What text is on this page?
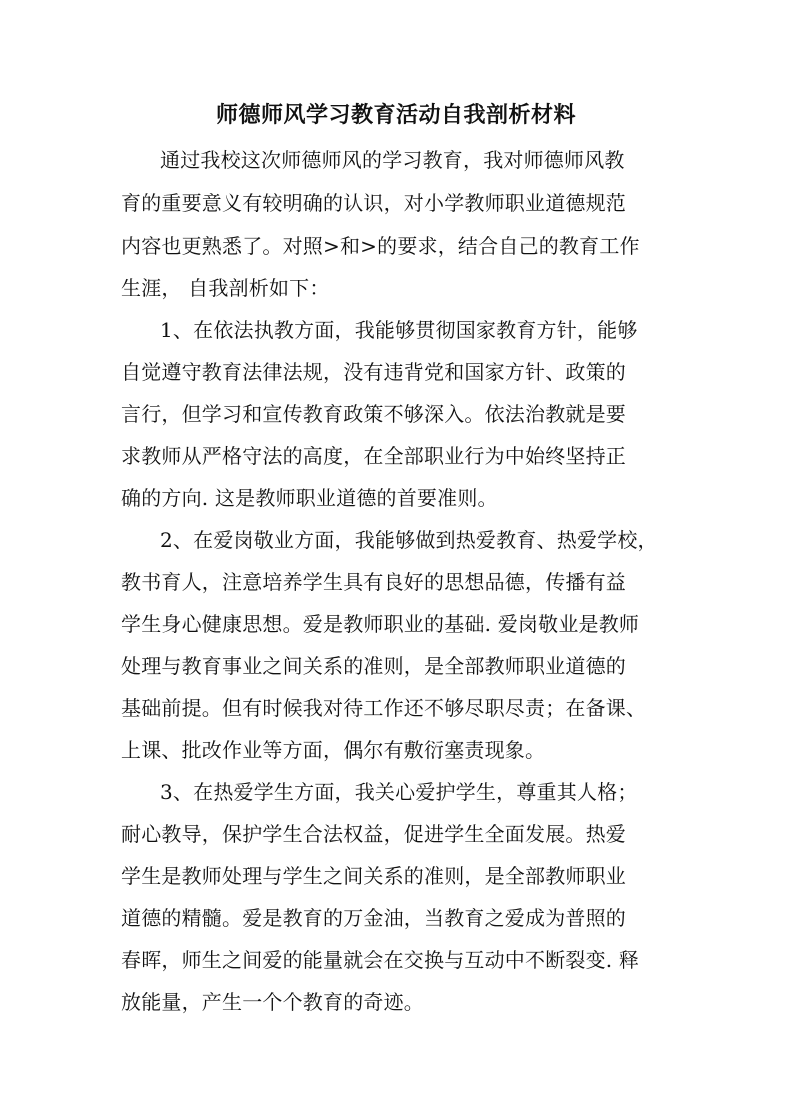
师德师风学习教育活动自我剖析材料
通过我校这次师德师风的学习教育，我对师德师风教
育的重要意义有较明确的认识，对小学教师职业道德规范
内容也更熟悉了。对照>和>的要求，结合自己的教育工作
生涯， 自我剖析如下：
1、在依法执教方面，我能够贯彻国家教育方针，能够
自觉遵守教育法律法规，没有违背党和国家方针、政策的
言行，但学习和宣传教育政策不够深入。依法治教就是要
求教师从严格守法的高度，在全部职业行为中始终坚持正
确的方向. 这是教师职业道德的首要准则。
2、在爱岗敬业方面，我能够做到热爱教育、热爱学校，
教书育人，注意培养学生具有良好的思想品德，传播有益
学生身心健康思想。爱是教师职业的基础. 爱岗敬业是教师
处理与教育事业之间关系的准则，是全部教师职业道德的
基础前提。但有时候我对待工作还不够尽职尽责；在备课、
上课、批改作业等方面，偶尔有敷衍塞责现象。
3、在热爱学生方面，我关心爱护学生，尊重其人格；
耐心教导，保护学生合法权益，促进学生全面发展。热爱
学生是教师处理与学生之间关系的准则，是全部教师职业
道德的精髓。爱是教育的万金油，当教育之爱成为普照的
春晖，师生之间爱的能量就会在交换与互动中不断裂变. 释
放能量，产生一个个教育的奇迹。
